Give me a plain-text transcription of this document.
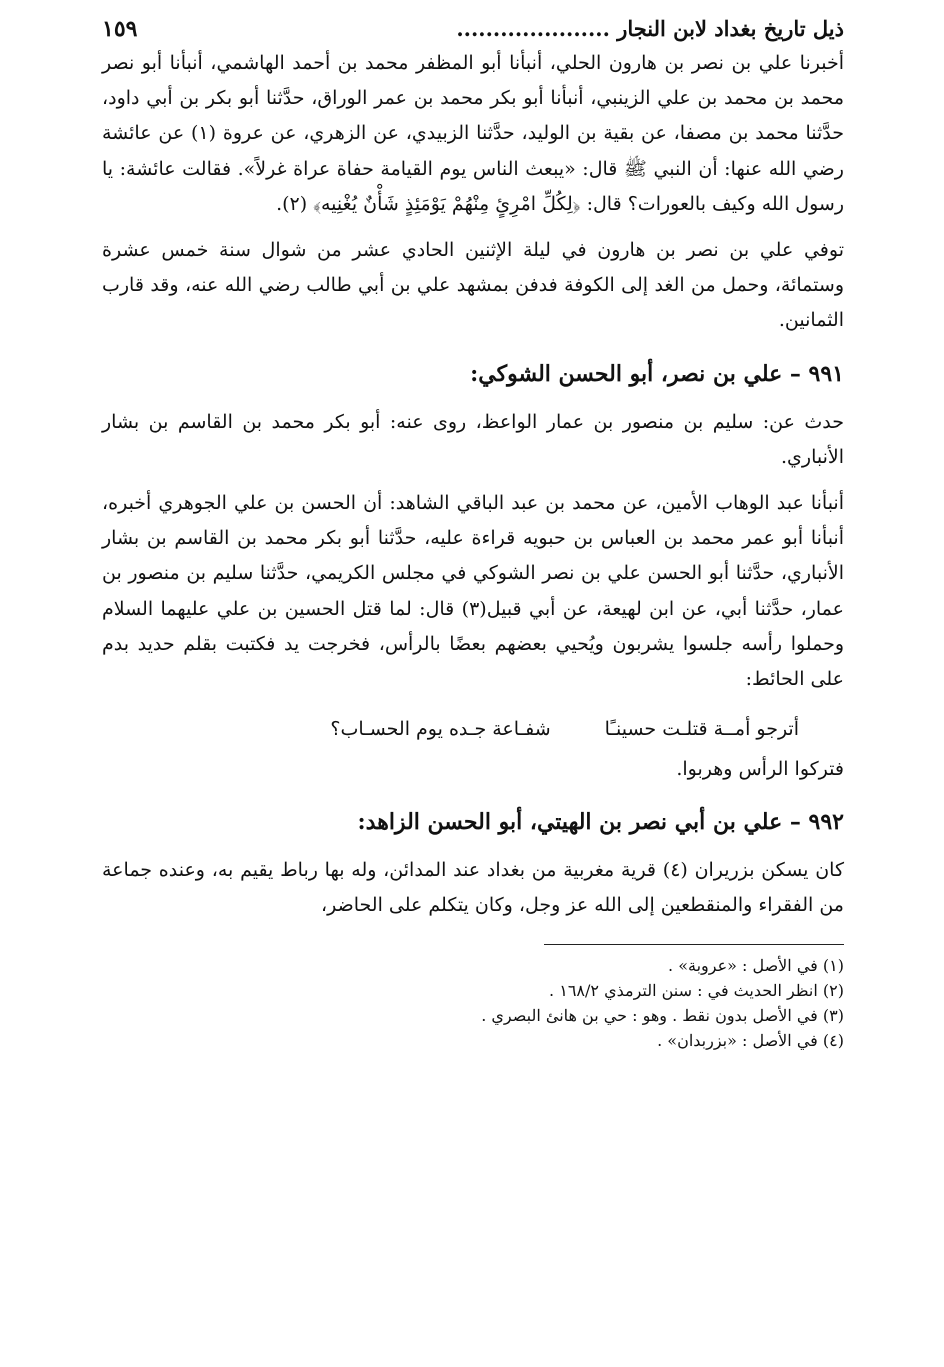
ذيل تاريخ بغداد لابن النجار .....................
١٥٩

أخبرنا علي بن نصر بن هارون الحلي، أنبأنا أبو المظفر محمد بن أحمد الهاشمي، أنبأنا أبو نصر محمد بن محمد بن علي الزينبي، أنبأنا أبو بكر محمد بن عمر الوراق، حدَّثنا أبو بكر بن أبي داود، حدَّثنا محمد بن مصفا، عن بقية بن الوليد، حدَّثنا الزبيدي، عن الزهري، عن عروة (١) عن عائشة رضي الله عنها: أن النبي ﷺ قال: «يبعث الناس يوم القيامة حفاة عراة غرلاً». فقالت عائشة: يا رسول الله وكيف بالعورات؟ قال: ﴿لِكُلِّ امْرِئٍ مِنْهُمْ يَوْمَئِذٍ شَأْنٌ يُغْنِيه﴾ (٢).

توفي علي بن نصر بن هارون في ليلة الإثنين الحادي عشر من شوال سنة خمس عشرة وستمائة، وحمل من الغد إلى الكوفة فدفن بمشهد علي بن أبي طالب رضي الله عنه، وقد قارب الثمانين.

٩٩١ – علي بن نصر، أبو الحسن الشوكي:

حدث عن: سليم بن منصور بن عمار الواعظ، روى عنه: أبو بكر محمد بن القاسم بن بشار الأنباري.

أنبأنا عبد الوهاب الأمين، عن محمد بن عبد الباقي الشاهد: أن الحسن بن علي الجوهري أخبره، أنبأنا أبو عمر محمد بن العباس بن حبويه قراءة عليه، حدَّثنا أبو بكر محمد بن القاسم بن بشار الأنباري، حدَّثنا أبو الحسن علي بن نصر الشوكي في مجلس الكريمي، حدَّثنا سليم بن منصور بن عمار، حدَّثنا أبي، عن ابن لهيعة، عن أبي قبيل(٣) قال: لما قتل الحسين بن علي عليهما السلام وحملوا رأسه جلسوا يشربون ويُحيي بعضهم بعضًا بالرأس، فخرجت يد فكتبت بقلم حديد بدم على الحائط:

أترجو أمــة قتلـت حسينـًا
شفـاعة جـده يوم الحسـاب؟

فتركوا الرأس وهربوا.

٩٩٢ – علي بن أبي نصر بن الهيتي، أبو الحسن الزاهد:

كان يسكن بزريران (٤) قرية مغربية من بغداد عند المدائن، وله بها رباط يقيم به، وعنده جماعة من الفقراء والمنقطعين إلى الله عز وجل، وكان يتكلم على الحاضر،

(١) في الأصل : «عروبة» .

(٢) انظر الحديث في : سنن الترمذي ١٦٨/٢ .

(٣) في الأصل بدون نقط . وهو : حي بن هانئ البصري .

(٤) في الأصل : «بزربدان» .
